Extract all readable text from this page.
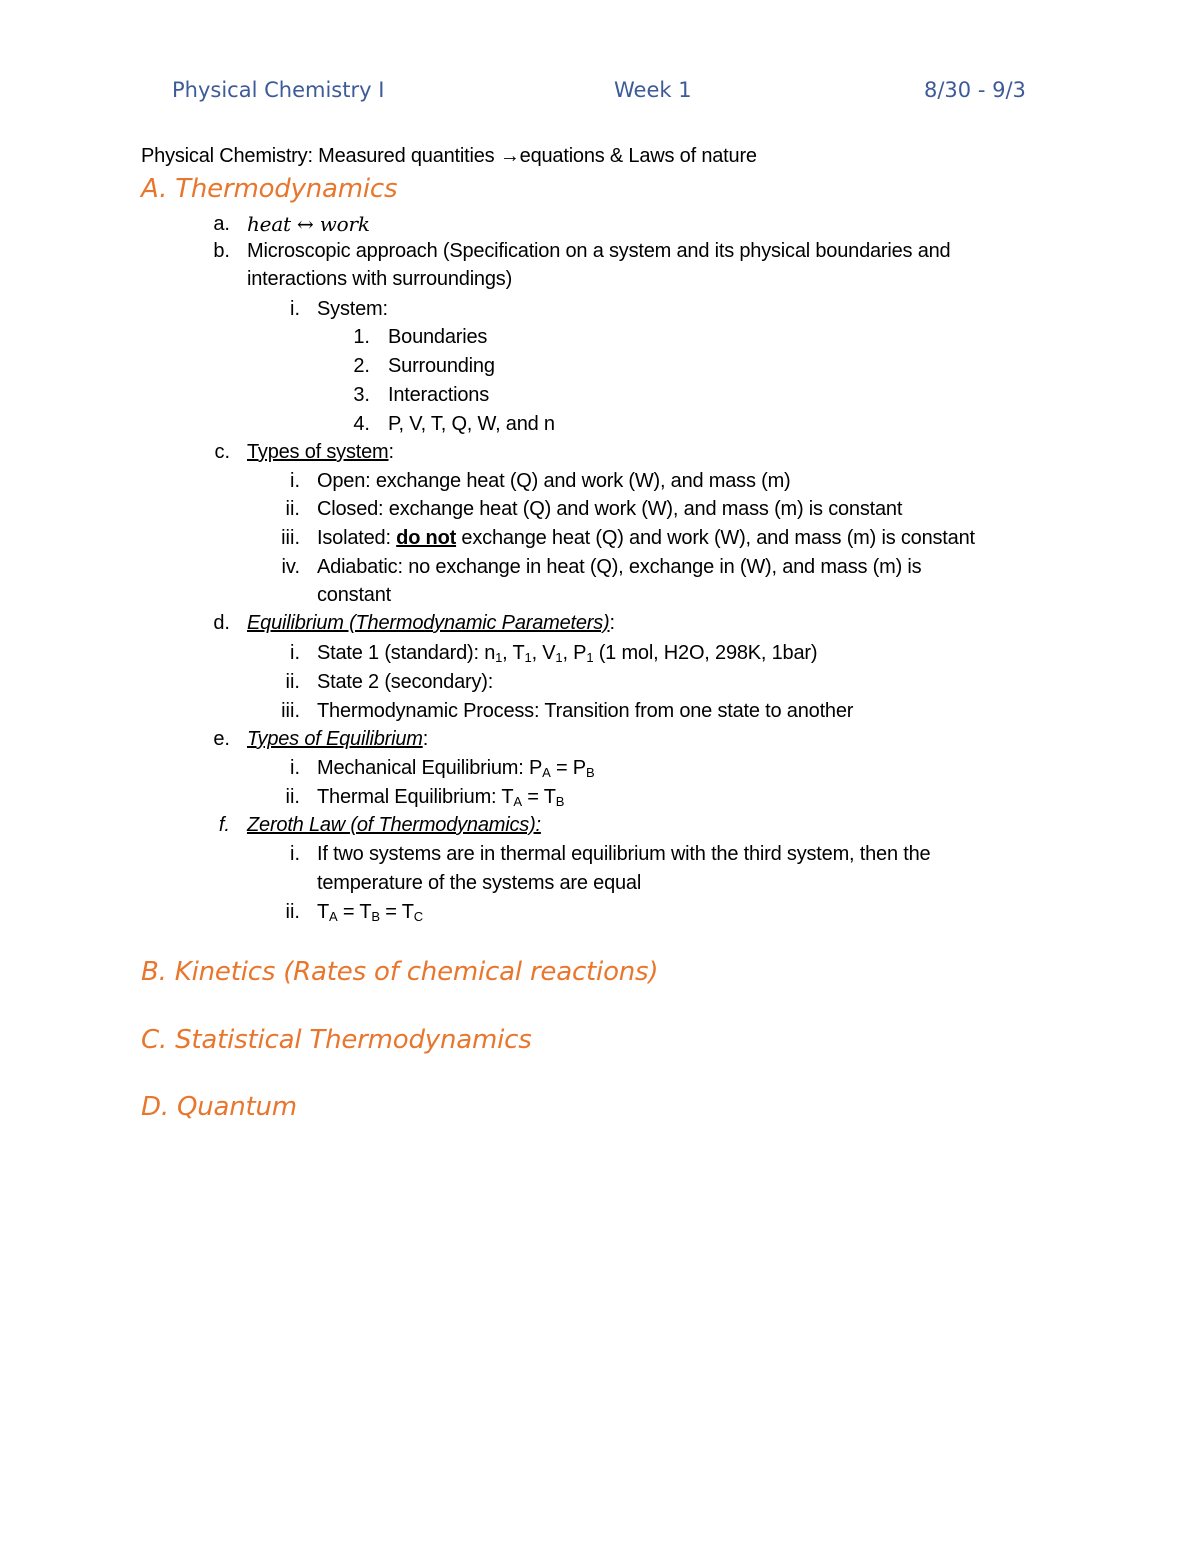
Physical Chemistry I	Week 1	8/30 - 9/3
Physical Chemistry: Measured quantities →equations & Laws of nature
A. Thermodynamics
a. heat ↔ work
b. Microscopic approach (Specification on a system and its physical boundaries and
interactions with surroundings)
i. System:
1. Boundaries
2. Surrounding
3. Interactions
4. P, V, T, Q, W, and n
c. Types of system:
i. Open: exchange heat (Q) and work (W), and mass (m)
ii. Closed: exchange heat (Q) and work (W), and mass (m) is constant
iii. Isolated: do not exchange heat (Q) and work (W), and mass (m) is constant
iv. Adiabatic: no exchange in heat (Q), exchange in (W), and mass (m) is
constant
d. Equilibrium (Thermodynamic Parameters):
i. State 1 (standard): $n_1$, $T_1$, $V_1$, $P_1$ (1 mol, H2O, 298K, 1bar)
ii. State 2 (secondary):
iii. Thermodynamic Process: Transition from one state to another
e. Types of Equilibrium:
i. Mechanical Equilibrium: $P_A = P_B$
ii. Thermal Equilibrium: $T_A = T_B$
f. Zeroth Law (of Thermodynamics):
i. If two systems are in thermal equilibrium with the third system, then the
temperature of the systems are equal
ii. $T_A = T_B = T_C$
B. Kinetics (Rates of chemical reactions)
C. Statistical Thermodynamics
D. Quantum
